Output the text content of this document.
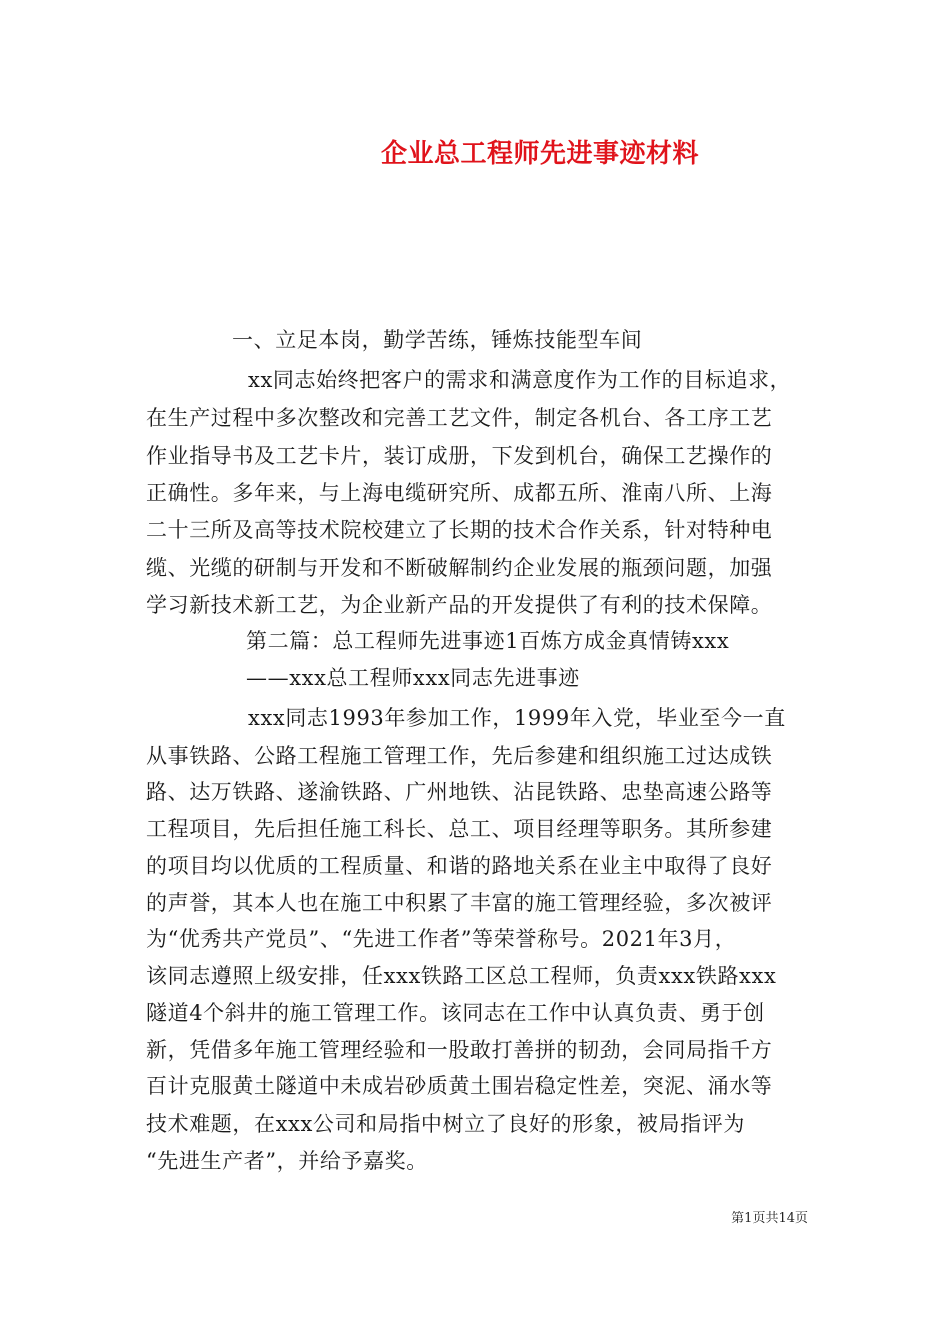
企业总工程师先进事迹材料
一、立足本岗，勤学苦练，锤炼技能型车间
xx同志始终把客户的需求和满意度作为工作的目标追求，
在生产过程中多次整改和完善工艺文件，制定各机台、各工序工艺
作业指导书及工艺卡片，装订成册，下发到机台，确保工艺操作的
正确性。多年来，与上海电缆研究所、成都五所、淮南八所、上海
二十三所及高等技术院校建立了长期的技术合作关系，针对特种电
缆、光缆的研制与开发和不断破解制约企业发展的瓶颈问题，加强
学习新技术新工艺，为企业新产品的开发提供了有利的技术保障。
第二篇：总工程师先进事迹1百炼方成金真情铸xxx
——xxx总工程师xxx同志先进事迹
xxx同志1993年参加工作，1999年入党，毕业至今一直
从事铁路、公路工程施工管理工作，先后参建和组织施工过达成铁
路、达万铁路、遂渝铁路、广州地铁、沾昆铁路、忠垫高速公路等
工程项目，先后担任施工科长、总工、项目经理等职务。其所参建
的项目均以优质的工程质量、和谐的路地关系在业主中取得了良好
的声誉，其本人也在施工中积累了丰富的施工管理经验，多次被评
为“优秀共产党员”、“先进工作者”等荣誉称号。2021年3月，
该同志遵照上级安排，任xxx铁路工区总工程师，负责xxx铁路xxx
隧道4个斜井的施工管理工作。该同志在工作中认真负责、勇于创
新，凭借多年施工管理经验和一股敢打善拼的韧劲，会同局指千方
百计克服黄土隧道中未成岩砂质黄土围岩稳定性差，突泥、涌水等
技术难题，在xxx公司和局指中树立了良好的形象，被局指评为
“先进生产者”，并给予嘉奖。
第1页共14页
